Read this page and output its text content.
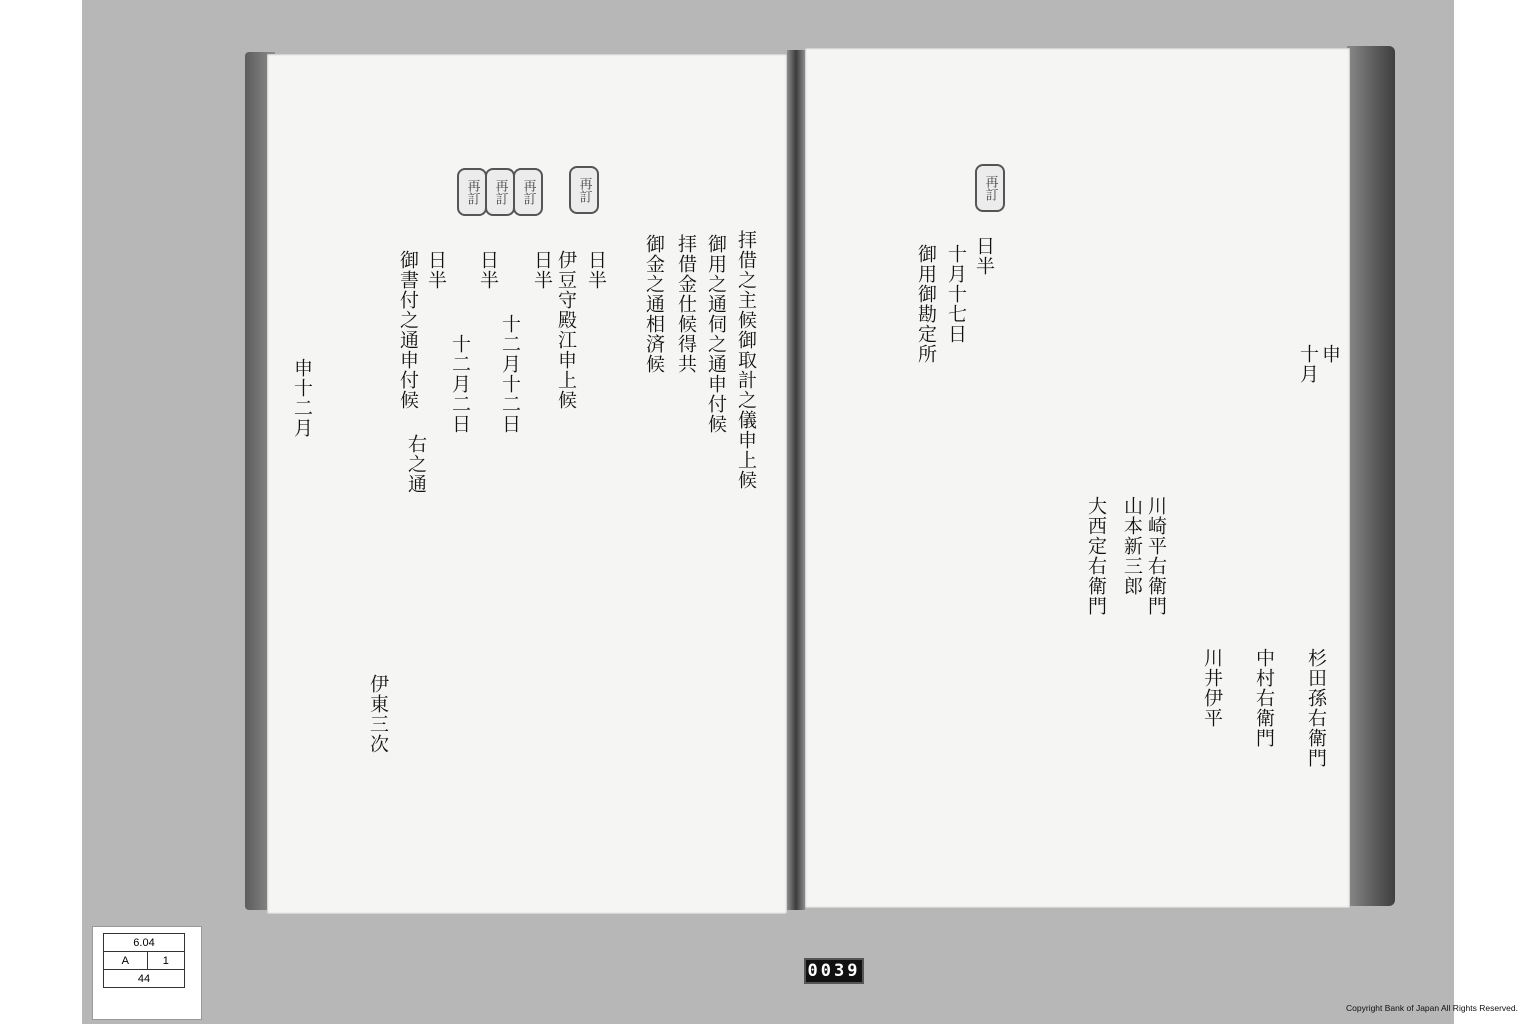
再訂	再訂	再訂	再訂
拝借之主候御取計之儀申上候
御用之通伺之通申付候
拝借金仕候得共
御金之通相済候
日半
伊豆守殿江申上候
日半
十二月十二日
日半
十二月二日
日半
御書付之通申付候
右之通
申十二月
伊東三次
再訂
十月 申
日半
十月十七日
御用御勘定所
川崎平右衛門
山本新三郎
大西定右衛門
杉田孫右衛門
中村右衛門
川井伊平
6.04
A	1
44	0039
Copyright Bank of Japan All Rights Reserved.
